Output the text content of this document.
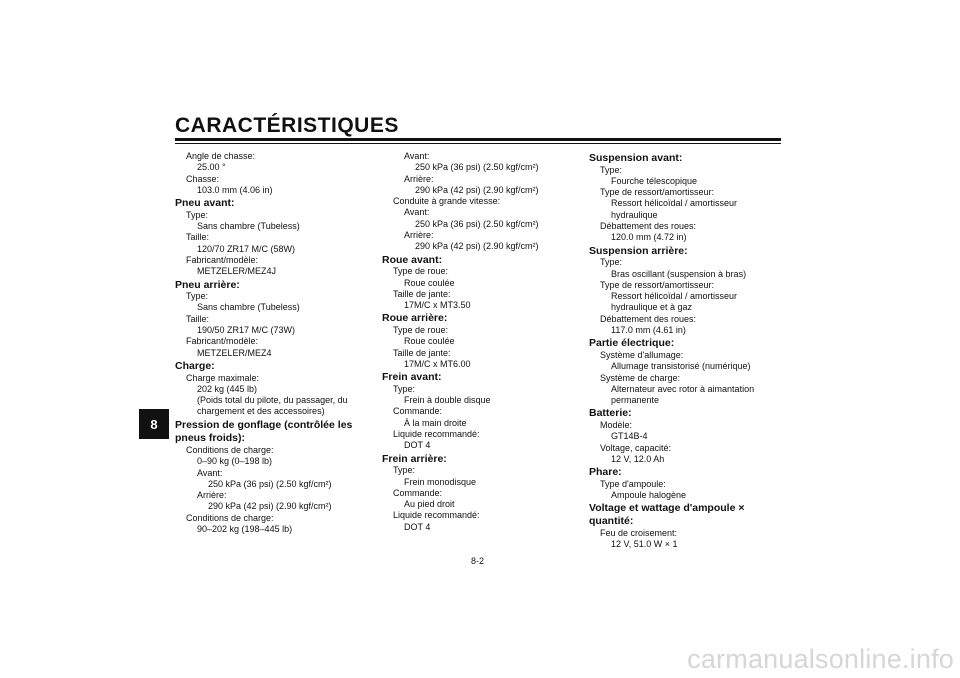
CARACTÉRISTIQUES
8
Angle de chasse:
25.00 °
Chasse:
103.0 mm (4.06 in)
Pneu avant:
Type:
Sans chambre (Tubeless)
Taille:
120/70 ZR17 M/C (58W)
Fabricant/modèle:
METZELER/MEZ4J
Pneu arrière:
Type:
Sans chambre (Tubeless)
Taille:
190/50 ZR17 M/C (73W)
Fabricant/modèle:
METZELER/MEZ4
Charge:
Charge maximale:
202 kg (445 lb)
(Poids total du pilote, du passager, du
chargement et des accessoires)
Pression de gonflage (contrôlée les
pneus froids):
Conditions de charge:
0–90 kg (0–198 lb)
Avant:
250 kPa (36 psi) (2.50 kgf/cm²)
Arrière:
290 kPa (42 psi) (2.90 kgf/cm²)
Conditions de charge:
90–202 kg (198–445 lb)
Avant:
250 kPa (36 psi) (2.50 kgf/cm²)
Arrière:
290 kPa (42 psi) (2.90 kgf/cm²)
Conduite à grande vitesse:
Avant:
250 kPa (36 psi) (2.50 kgf/cm²)
Arrière:
290 kPa (42 psi) (2.90 kgf/cm²)
Roue avant:
Type de roue:
Roue coulée
Taille de jante:
17M/C x MT3.50
Roue arrière:
Type de roue:
Roue coulée
Taille de jante:
17M/C x MT6.00
Frein avant:
Type:
Frein à double disque
Commande:
À la main droite
Liquide recommandé:
DOT 4
Frein arrière:
Type:
Frein monodisque
Commande:
Au pied droit
Liquide recommandé:
DOT 4
Suspension avant:
Type:
Fourche télescopique
Type de ressort/amortisseur:
Ressort hélicoïdal / amortisseur
hydraulique
Débattement des roues:
120.0 mm (4.72 in)
Suspension arrière:
Type:
Bras oscillant (suspension à bras)
Type de ressort/amortisseur:
Ressort hélicoïdal / amortisseur
hydraulique et à gaz
Débattement des roues:
117.0 mm (4.61 in)
Partie électrique:
Système d'allumage:
Allumage transistorisé (numérique)
Système de charge:
Alternateur avec rotor à aimantation
permanente
Batterie:
Modèle:
GT14B-4
Voltage, capacité:
12 V, 12.0 Ah
Phare:
Type d'ampoule:
Ampoule halogène
Voltage et wattage d'ampoule × quantité:
Feu de croisement:
12 V, 51.0 W × 1
8-2
carmanualsonline.info
